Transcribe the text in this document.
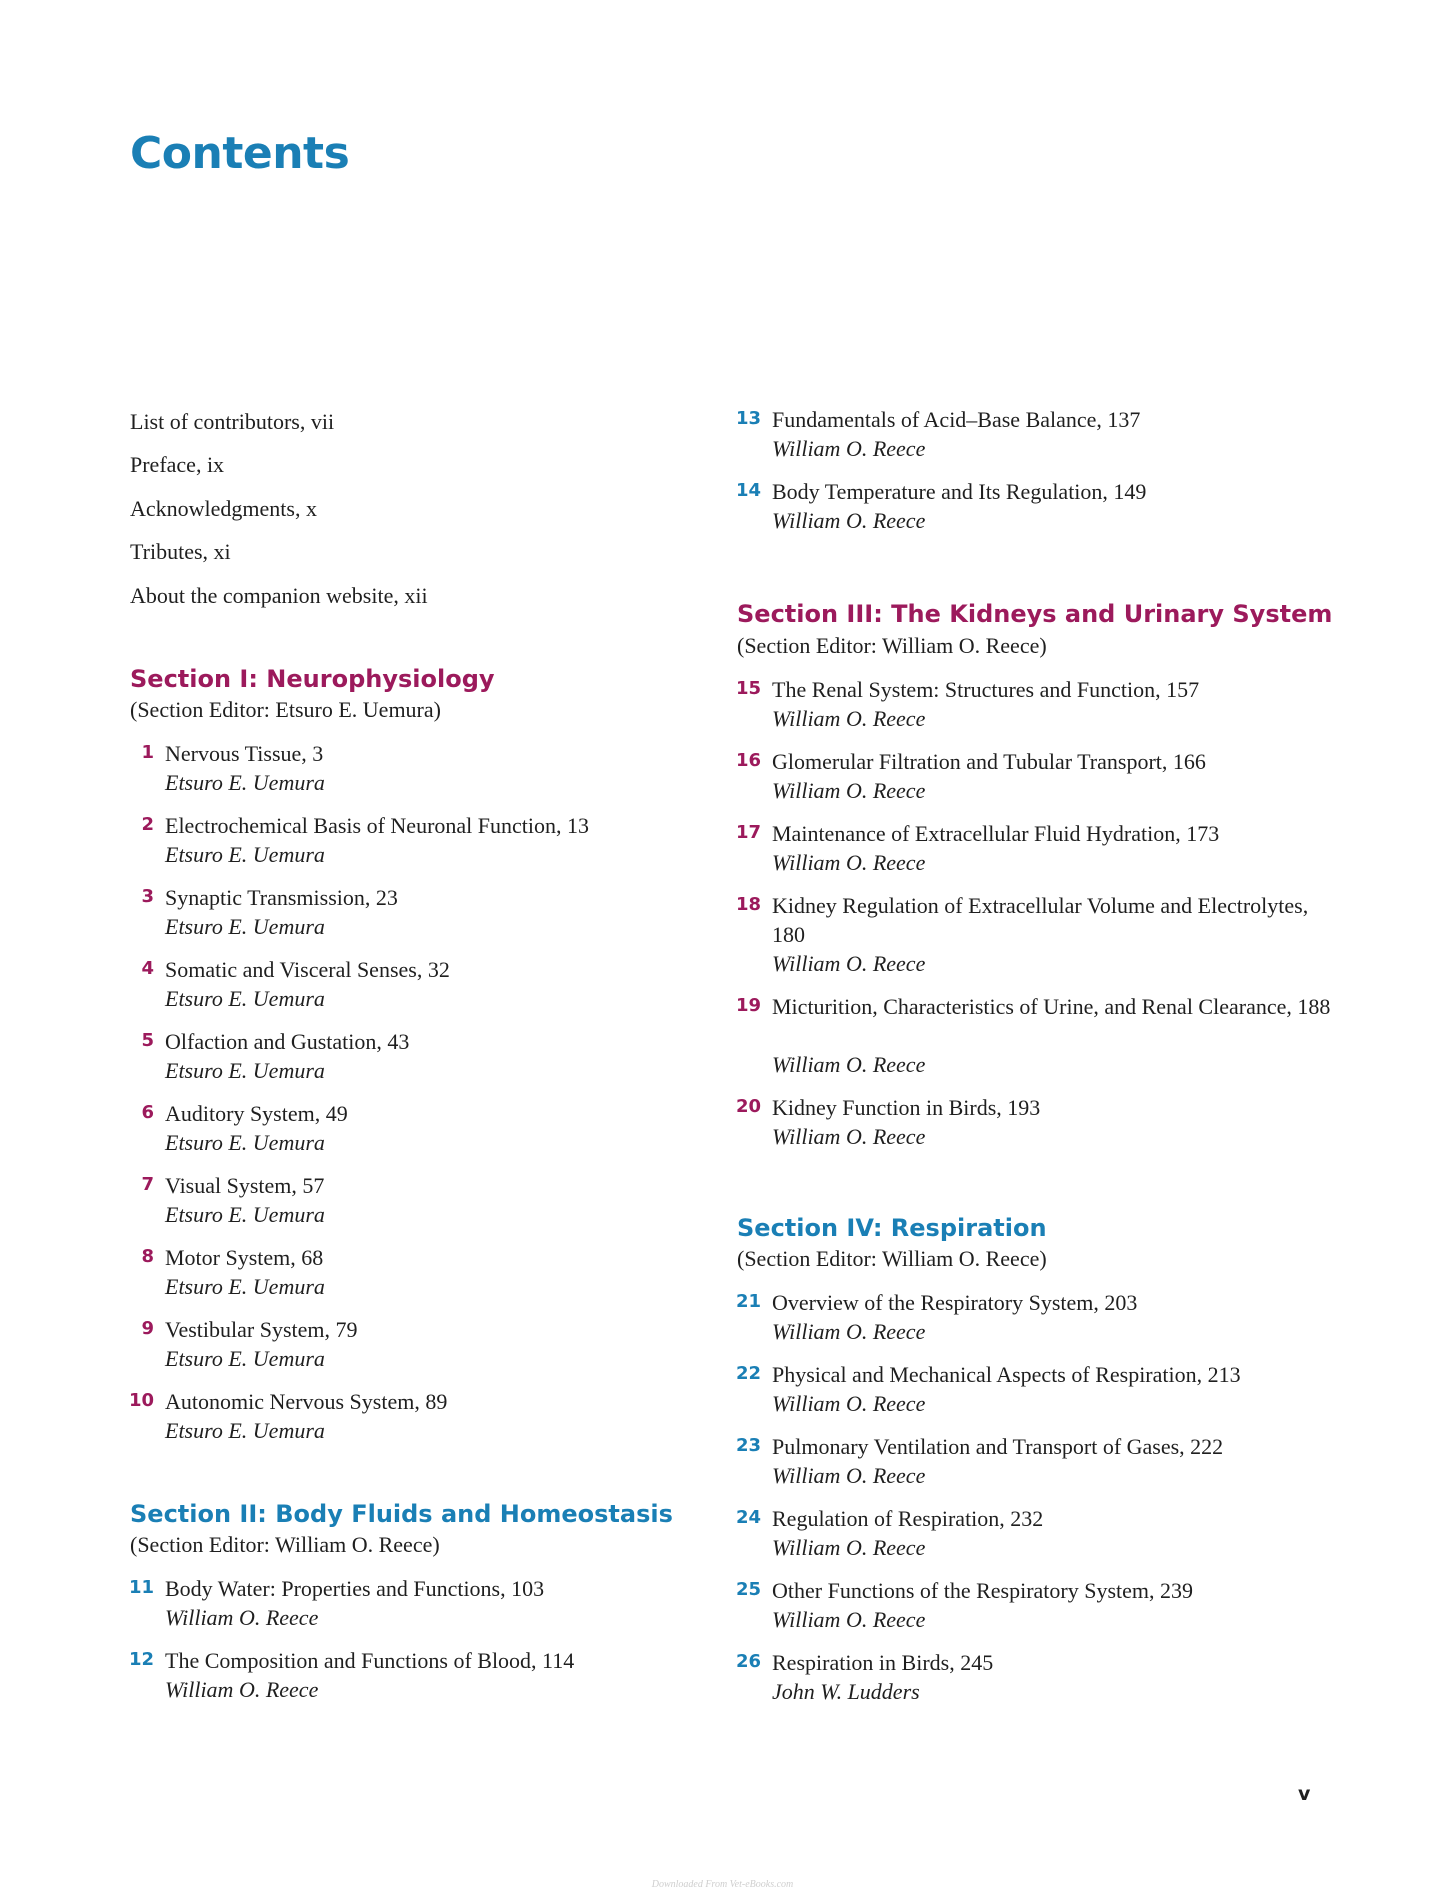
Contents
List of contributors, vii
Preface, ix
Acknowledgments, x
Tributes, xi
About the companion website, xii
Section I: Neurophysiology
(Section Editor: Etsuro E. Uemura)
Section II: Body Fluids and Homeostasis
(Section Editor: William O. Reece)
Section III: The Kidneys and Urinary System
(Section Editor: William O. Reece)
Section IV: Respiration
(Section Editor: William O. Reece)
v
Downloaded From Vet-eBooks.com
1 Nervous Tissue, 3
Etsuro E. Uemura
2 Electrochemical Basis of Neuronal Function, 13
Etsuro E. Uemura
3 Synaptic Transmission, 23
Etsuro E. Uemura
4 Somatic and Visceral Senses, 32
Etsuro E. Uemura
5 Olfaction and Gustation, 43
Etsuro E. Uemura
6 Auditory System, 49
Etsuro E. Uemura
7 Visual System, 57
Etsuro E. Uemura
8 Motor System, 68
Etsuro E. Uemura
9 Vestibular System, 79
Etsuro E. Uemura
10 Autonomic Nervous System, 89
Etsuro E. Uemura
11 Body Water: Properties and Functions, 103
William O. Reece
12 The Composition and Functions of Blood, 114
William O. Reece
13 Fundamentals of Acid–Base Balance, 137
William O. Reece
14 Body Temperature and Its Regulation, 149
William O. Reece
15 The Renal System: Structures and Function, 157
William O. Reece
16 Glomerular Filtration and Tubular Transport, 166
William O. Reece
17 Maintenance of Extracellular Fluid Hydration, 173
William O. Reece
18 Kidney Regulation of Extracellular Volume and Electrolytes, 180
William O. Reece
19 Micturition, Characteristics of Urine, and Renal Clearance, 188
William O. Reece
20 Kidney Function in Birds, 193
William O. Reece
21 Overview of the Respiratory System, 203
William O. Reece
22 Physical and Mechanical Aspects of Respiration, 213
William O. Reece
23 Pulmonary Ventilation and Transport of Gases, 222
William O. Reece
24 Regulation of Respiration, 232
William O. Reece
25 Other Functions of the Respiratory System, 239
William O. Reece
26 Respiration in Birds, 245
John W. Ludders
